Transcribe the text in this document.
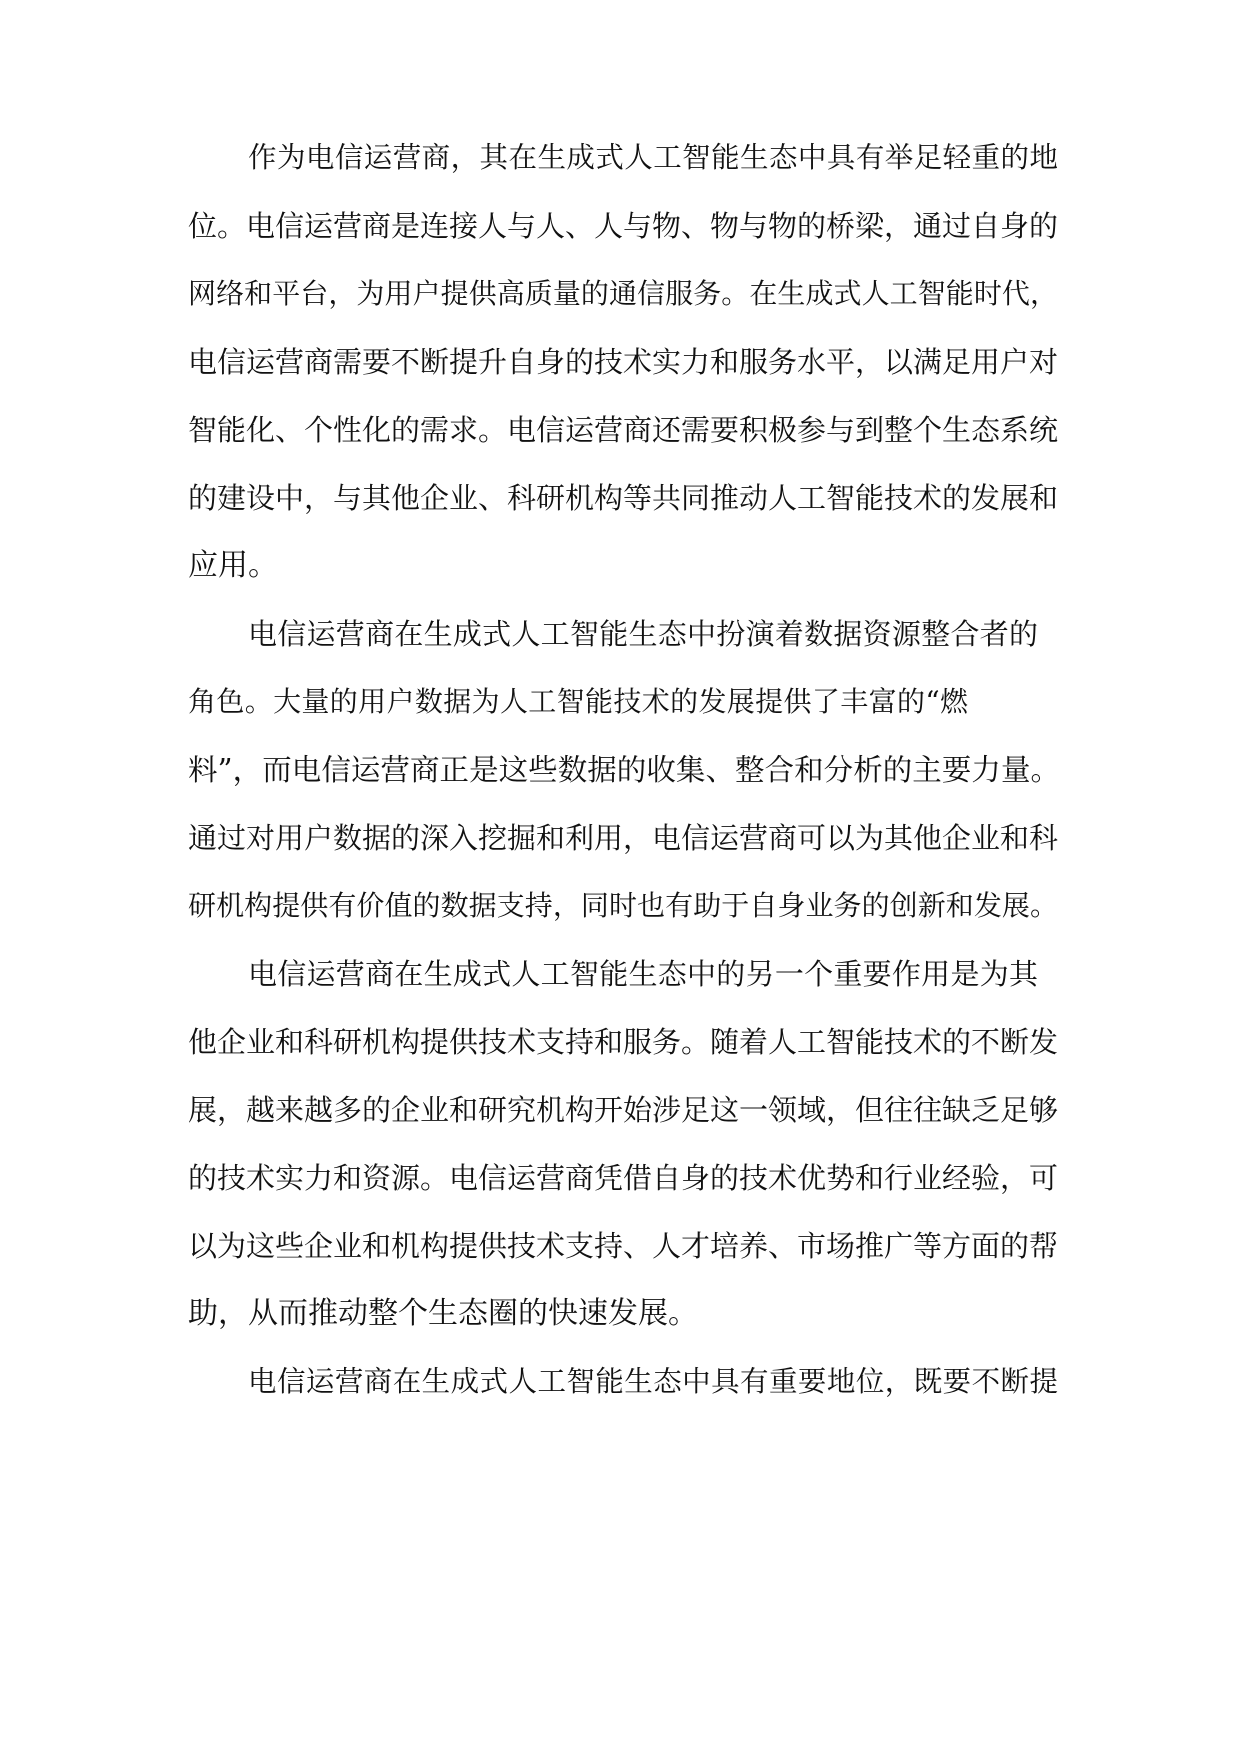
作为电信运营商，其在生成式人工智能生态中具有举足轻重的地

位。电信运营商是连接人与人、人与物、物与物的桥梁，通过自身的

网络和平台，为用户提供高质量的通信服务。在生成式人工智能时代，

电信运营商需要不断提升自身的技术实力和服务水平，以满足用户对

智能化、个性化的需求。电信运营商还需要积极参与到整个生态系统

的建设中，与其他企业、科研机构等共同推动人工智能技术的发展和

应用。

电信运营商在生成式人工智能生态中扮演着数据资源整合者的

角色。大量的用户数据为人工智能技术的发展提供了丰富的“燃

料”，而电信运营商正是这些数据的收集、整合和分析的主要力量。

通过对用户数据的深入挖掘和利用，电信运营商可以为其他企业和科

研机构提供有价值的数据支持，同时也有助于自身业务的创新和发展。

电信运营商在生成式人工智能生态中的另一个重要作用是为其

他企业和科研机构提供技术支持和服务。随着人工智能技术的不断发

展，越来越多的企业和研究机构开始涉足这一领域，但往往缺乏足够

的技术实力和资源。电信运营商凭借自身的技术优势和行业经验，可

以为这些企业和机构提供技术支持、人才培养、市场推广等方面的帮

助，从而推动整个生态圈的快速发展。

电信运营商在生成式人工智能生态中具有重要地位，既要不断提
